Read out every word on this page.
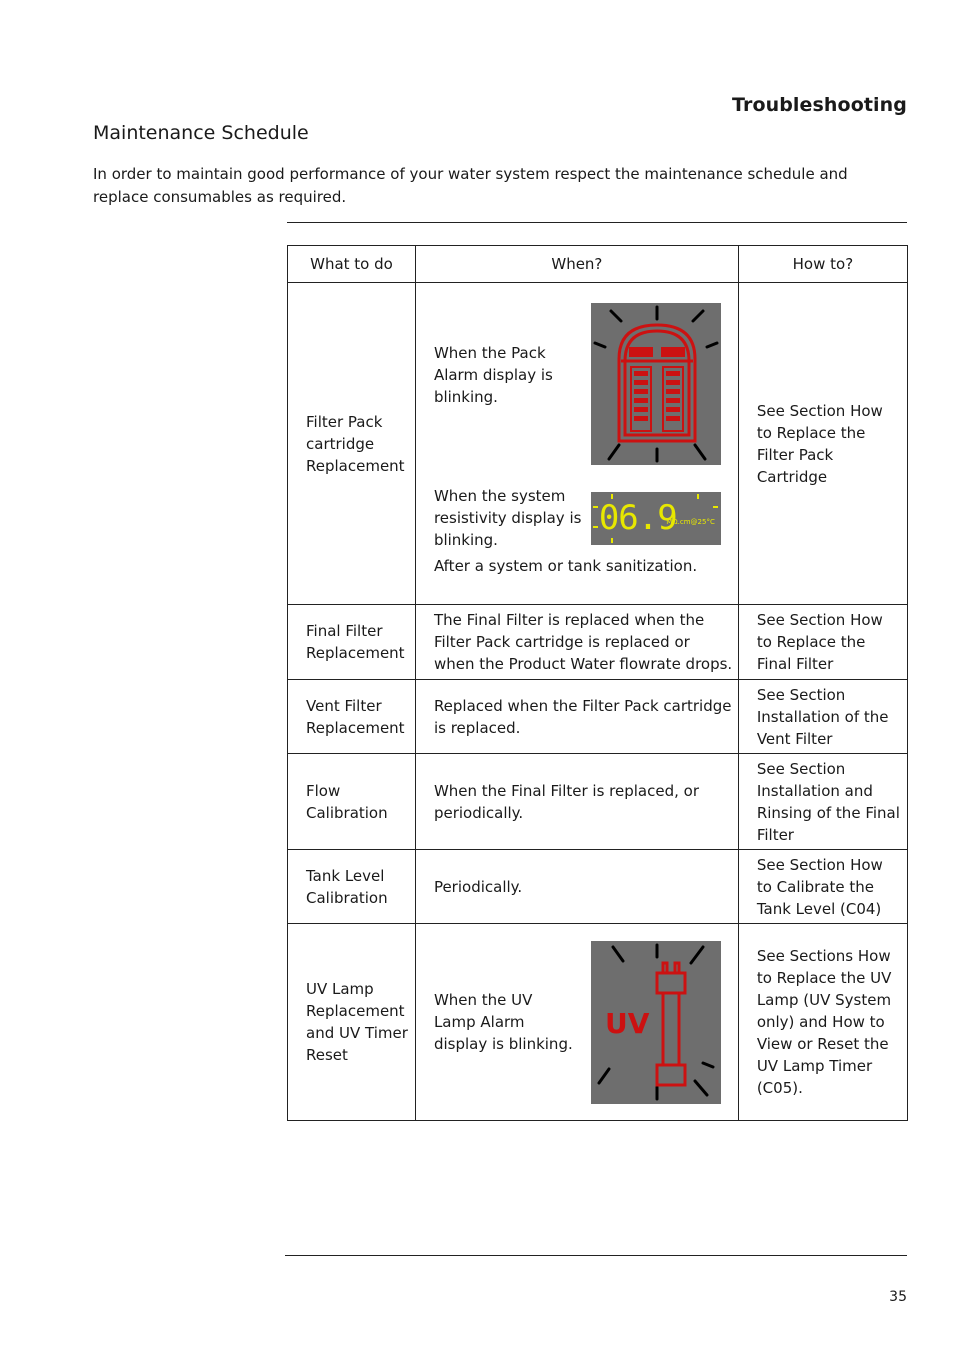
Troubleshooting
Maintenance Schedule
In order to maintain good performance of your water system respect the maintenance schedule and replace consumables as required.
What to do	When?	How to?
Filter Pack cartridge Replacement	When the Pack Alarm display is blinking.
When the system resistivity display is blinking.
06.9
MΩ.cm@25°C
After a system or tank sanitization.	See Section How to Replace the Filter Pack Cartridge
Final Filter Replacement	The Final Filter is replaced when the Filter Pack cartridge is replaced or when the Product Water flowrate drops.	See Section How to Replace the Final Filter
Vent Filter Replacement	Replaced when the Filter Pack cartridge is replaced.	See Section Installation of the Vent Filter
Flow Calibration	When the Final Filter is replaced, or periodically.	See Section Installation and Rinsing of the Final Filter
Tank Level Calibration	Periodically.	See Section How to Calibrate the Tank Level (C04)
UV Lamp Replacement and UV Timer Reset	When the UV Lamp Alarm display is blinking.
UV	See Sections How to Replace the UV Lamp (UV System only) and How to View or Reset the UV Lamp Timer (C05).
35
